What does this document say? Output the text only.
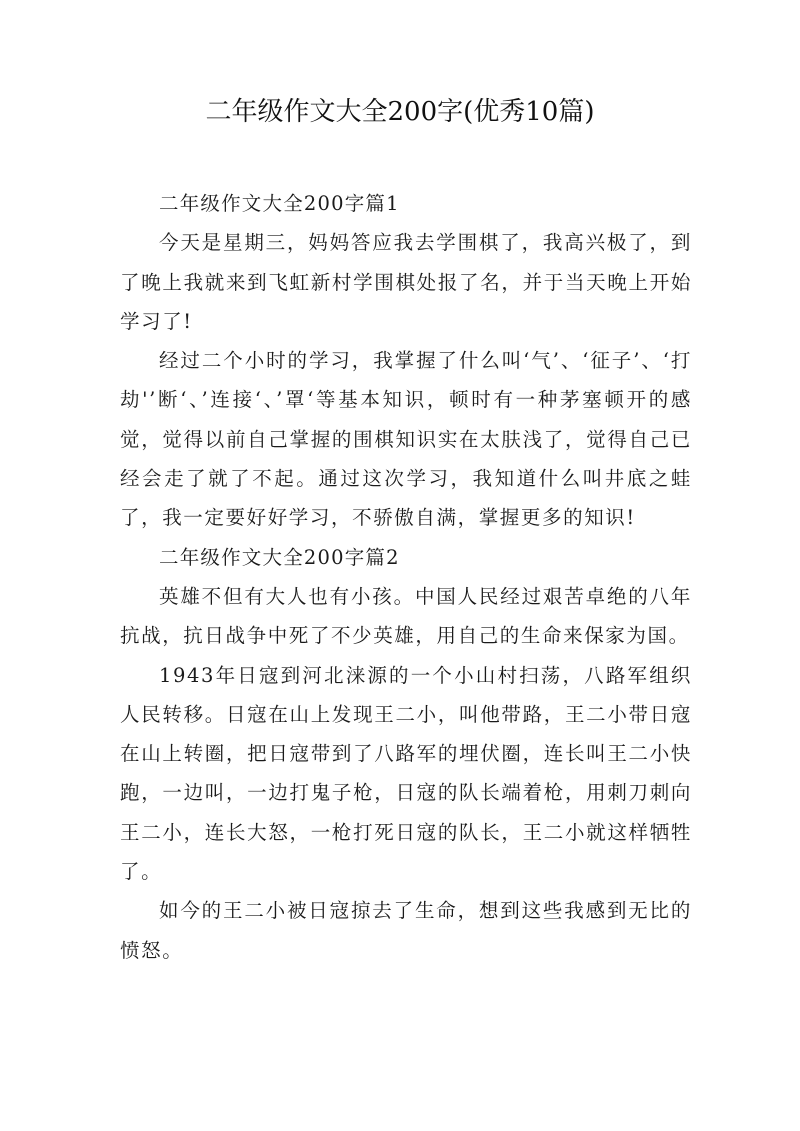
二年级作文大全200字(优秀10篇)

二年级作文大全200字篇1

今天是星期三，妈妈答应我去学围棋了，我高兴极了，到了晚上我就来到飞虹新村学围棋处报了名，并于当天晚上开始学习了!

经过二个小时的学习，我掌握了什么叫‘气’、‘征子’、‘打劫'’断‘、’连接‘、’罩‘等基本知识，顿时有一种茅塞顿开的感觉，觉得以前自己掌握的围棋知识实在太肤浅了，觉得自己已经会走了就了不起。通过这次学习，我知道什么叫井底之蛙了，我一定要好好学习，不骄傲自满，掌握更多的知识!

二年级作文大全200字篇2

英雄不但有大人也有小孩。中国人民经过艰苦卓绝的八年抗战，抗日战争中死了不少英雄，用自己的生命来保家为国。

1943年日寇到河北涞源的一个小山村扫荡，八路军组织人民转移。日寇在山上发现王二小，叫他带路，王二小带日寇在山上转圈，把日寇带到了八路军的埋伏圈，连长叫王二小快跑，一边叫，一边打鬼子枪，日寇的队长端着枪，用刺刀刺向王二小，连长大怒，一枪打死日寇的队长，王二小就这样牺牲了。

如今的王二小被日寇掠去了生命，想到这些我感到无比的愤怒。
